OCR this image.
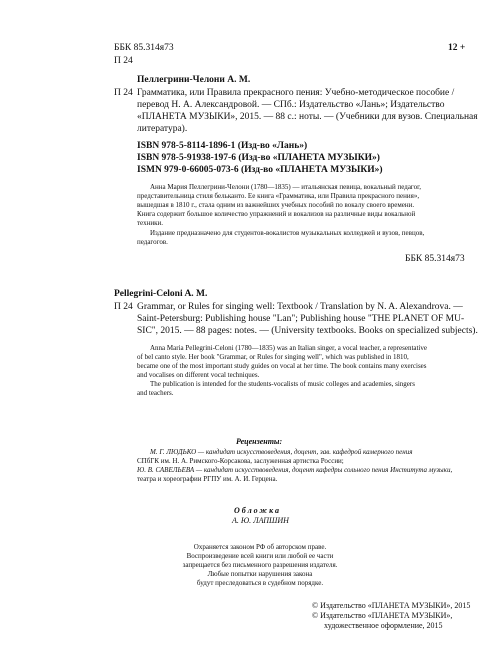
ББК 85.314я73
П 24
12 +
Пеллегрини-Челони А. М.
П 24 Грамматика, или Правила прекрасного пения: Учебно-методическое пособие /
перевод Н. А. Александровой. — СПб.: Издательство «Лань»; Издательство
«ПЛАНЕТА МУЗЫКИ», 2015. — 88 с.: ноты. — (Учебники для вузов. Специальная
литература).
ISBN 978-5-8114-1896-1 (Изд-во «Лань»)
ISBN 978-5-91938-197-6 (Изд-во «ПЛАНЕТА МУЗЫКИ»)
ISMN 979-0-66005-073-6 (Изд-во «ПЛАНЕТА МУЗЫКИ»)
Анна Мария Пеллегрини-Челони (1780—1835) — итальянская певица, вокальный педагог,
представительница стиля бельканто. Ее книга «Грамматика, или Правила прекрасного пения»,
вышедшая в 1810 г., стала одним из важнейших учебных пособий по вокалу своего времени.
Книга содержит большое количество упражнений и вокализов на различные виды вокальной
техники.
Издание предназначено для студентов-вокалистов музыкальных колледжей и вузов, певцов,
педагогов.
ББК 85.314я73
Pellegrini-Celoni A. M.
П 24 Grammar, or Rules for singing well: Textbook / Translation by N. A. Alexandrova. —
Saint-Petersburg: Publishing house "Lan"; Publishing house "THE PLANET OF MU-
SIC", 2015. — 88 pages: notes. — (University textbooks. Books on specialized subjects).
Anna Maria Pellegrini-Celoni (1780—1835) was an Italian singer, a vocal teacher, a representative
of bel canto style. Her book "Grammar, or Rules for singing well", which was published in 1810,
became one of the most important study guides on vocal at her time. The book contains many exercises
and vocalises on different vocal techniques.
The publication is intended for the students-vocalists of music colleges and academies, singers
and teachers.
Рецензенты:
М. Г. ЛЮДЬКО — кандидат искусствоведения, доцент, зав. кафедрой камерного пения
СПбГК им. Н. А. Римского-Корсакова, заслуженная артистка России;
Ю. В. САВЕЛЬЕВА — кандидат искусствоведения, доцент кафедры сольного пения Института музыки,
театра и хореографии РГПУ им. А. И. Герцена.
Обложка
А. Ю. ЛАПШИН
Охраняется законом РФ об авторском праве.
Воспроизведение всей книги или любой ее части
запрещается без письменного разрешения издателя.
Любые попытки нарушения закона
будут преследоваться в судебном порядке.
© Издательство «ПЛАНЕТА МУЗЫКИ», 2015
© Издательство «ПЛАНЕТА МУЗЫКИ»,
художественное оформление, 2015
